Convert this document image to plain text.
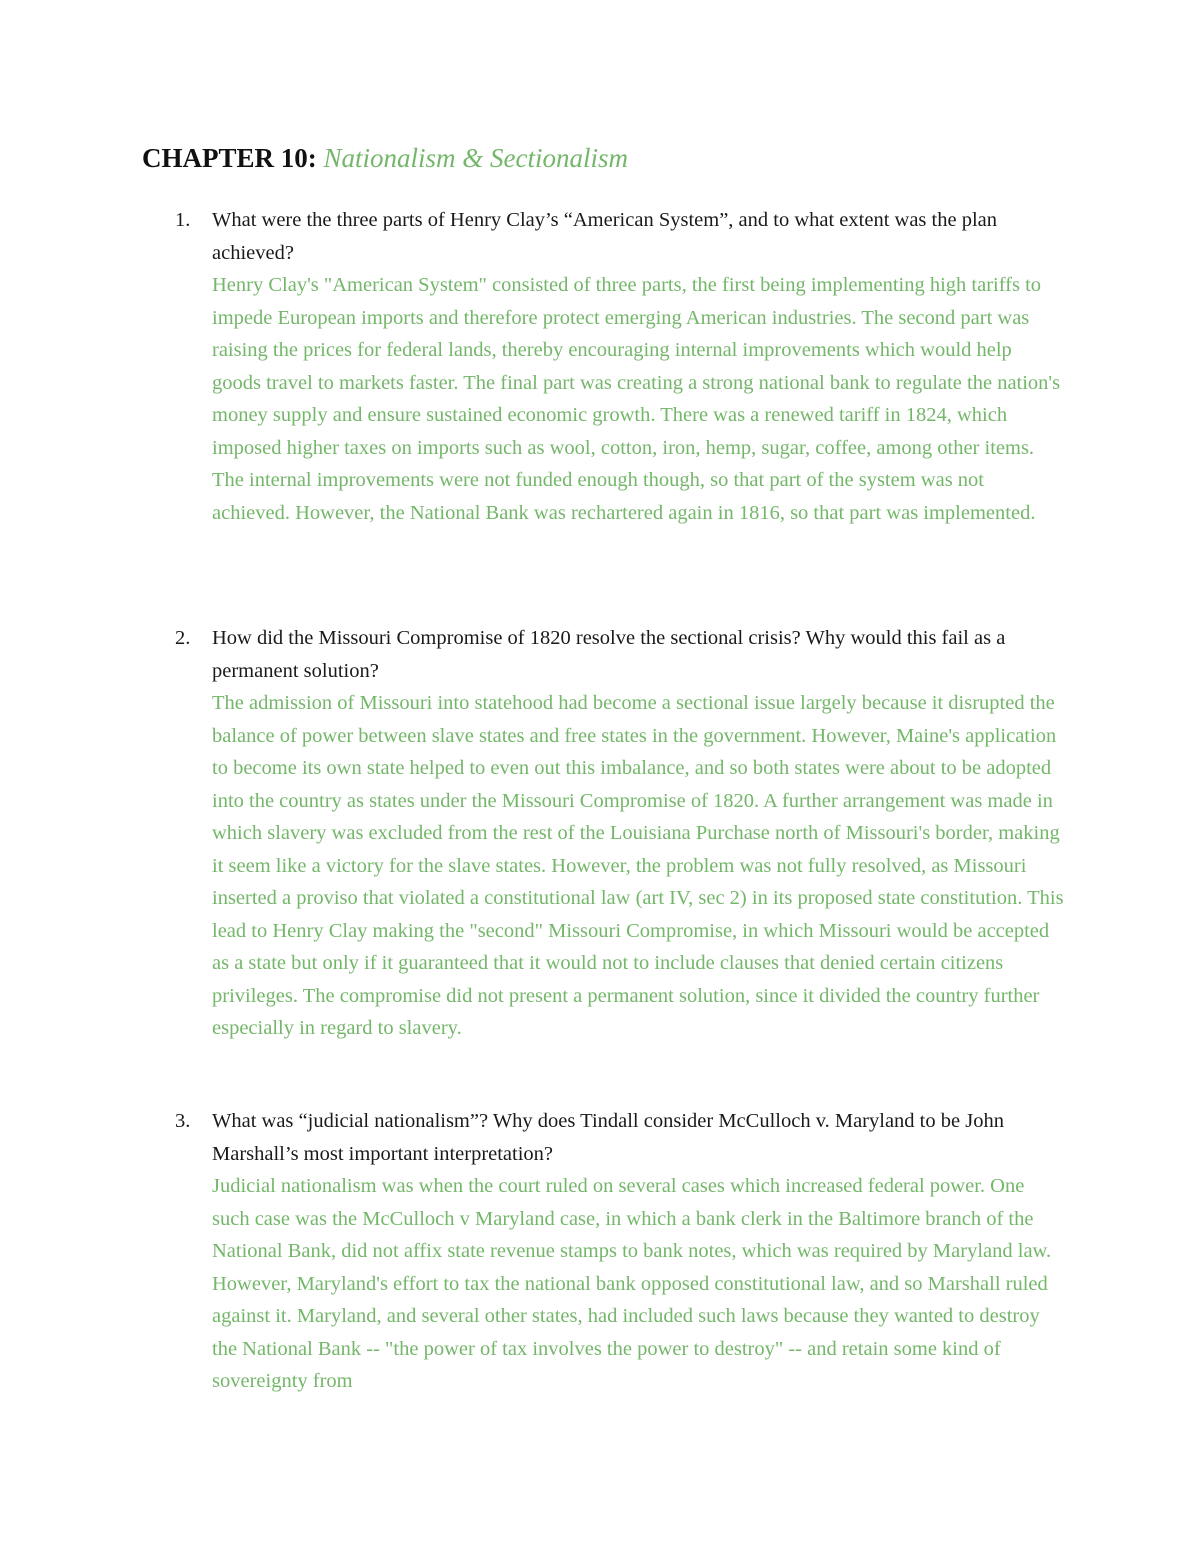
CHAPTER 10: Nationalism & Sectionalism
1. What were the three parts of Henry Clay’s “American System”, and to what extent was the plan achieved?

Henry Clay's "American System" consisted of three parts, the first being implementing high tariffs to impede European imports and therefore protect emerging American industries. The second part was raising the prices for federal lands, thereby encouraging internal improvements which would help goods travel to markets faster. The final part was creating a strong national bank to regulate the nation's money supply and ensure sustained economic growth. There was a renewed tariff in 1824, which imposed higher taxes on imports such as wool, cotton, iron, hemp, sugar, coffee, among other items. The internal improvements were not funded enough though, so that part of the system was not achieved. However, the National Bank was rechartered again in 1816, so that part was implemented.

2. How did the Missouri Compromise of 1820 resolve the sectional crisis? Why would this fail as a permanent solution?

The admission of Missouri into statehood had become a sectional issue largely because it disrupted the balance of power between slave states and free states in the government. However, Maine's application to become its own state helped to even out this imbalance, and so both states were about to be adopted into the country as states under the Missouri Compromise of 1820. A further arrangement was made in which slavery was excluded from the rest of the Louisiana Purchase north of Missouri's border, making it seem like a victory for the slave states. However, the problem was not fully resolved, as Missouri inserted a proviso that violated a constitutional law (art IV, sec 2) in its proposed state constitution. This lead to Henry Clay making the "second" Missouri Compromise, in which Missouri would be accepted as a state but only if it guaranteed that it would not to include clauses that denied certain citizens privileges. The compromise did not present a permanent solution, since it divided the country further especially in regard to slavery.

3. What was “judicial nationalism”? Why does Tindall consider McCulloch v. Maryland to be John Marshall’s most important interpretation?

Judicial nationalism was when the court ruled on several cases which increased federal power. One such case was the McCulloch v Maryland case, in which a bank clerk in the Baltimore branch of the National Bank, did not affix state revenue stamps to bank notes, which was required by Maryland law. However, Maryland's effort to tax the national bank opposed constitutional law, and so Marshall ruled against it. Maryland, and several other states, had included such laws because they wanted to destroy the National Bank -- "the power of tax involves the power to destroy" -- and retain some kind of sovereignty from
